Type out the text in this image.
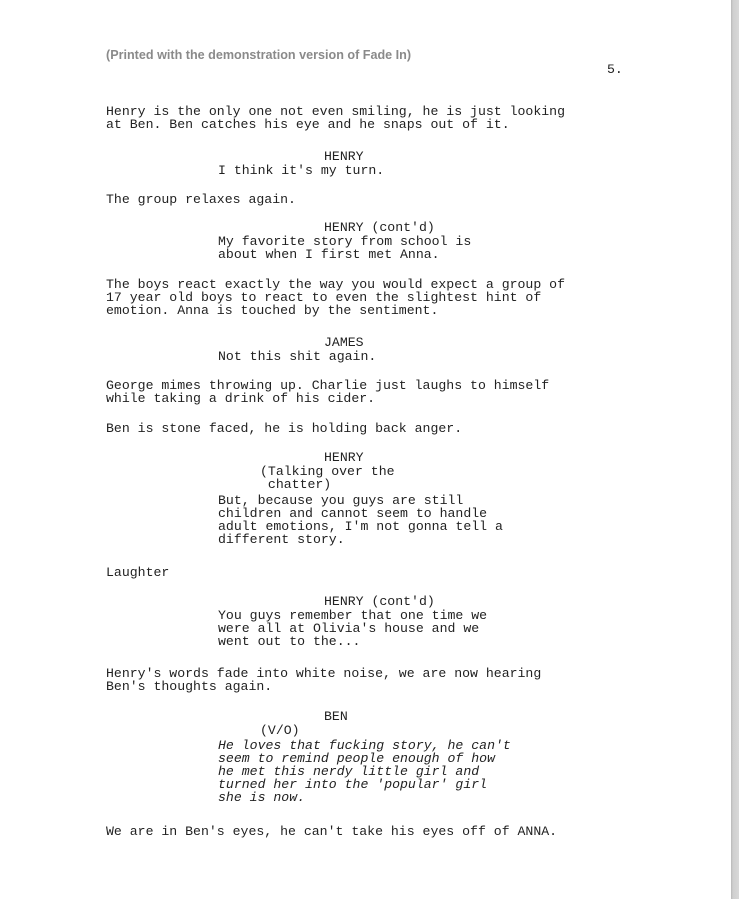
(Printed with the demonstration version of Fade In)
5.
Henry is the only one not even smiling, he is just looking
at Ben. Ben catches his eye and he snaps out of it.
HENRY
I think it's my turn.
The group relaxes again.
HENRY (cont'd)
My favorite story from school is
about when I first met Anna.
The boys react exactly the way you would expect a group of
17 year old boys to react to even the slightest hint of
emotion. Anna is touched by the sentiment.
JAMES
Not this shit again.
George mimes throwing up. Charlie just laughs to himself
while taking a drink of his cider.
Ben is stone faced, he is holding back anger.
HENRY
(Talking over the
chatter)
But, because you guys are still
children and cannot seem to handle
adult emotions, I'm not gonna tell a
different story.
Laughter
HENRY (cont'd)
You guys remember that one time we
were all at Olivia's house and we
went out to the...
Henry's words fade into white noise, we are now hearing
Ben's thoughts again.
BEN
(V/O)
He loves that fucking story, he can't
seem to remind people enough of how
he met this nerdy little girl and
turned her into the 'popular' girl
she is now.
We are in Ben's eyes, he can't take his eyes off of ANNA.
